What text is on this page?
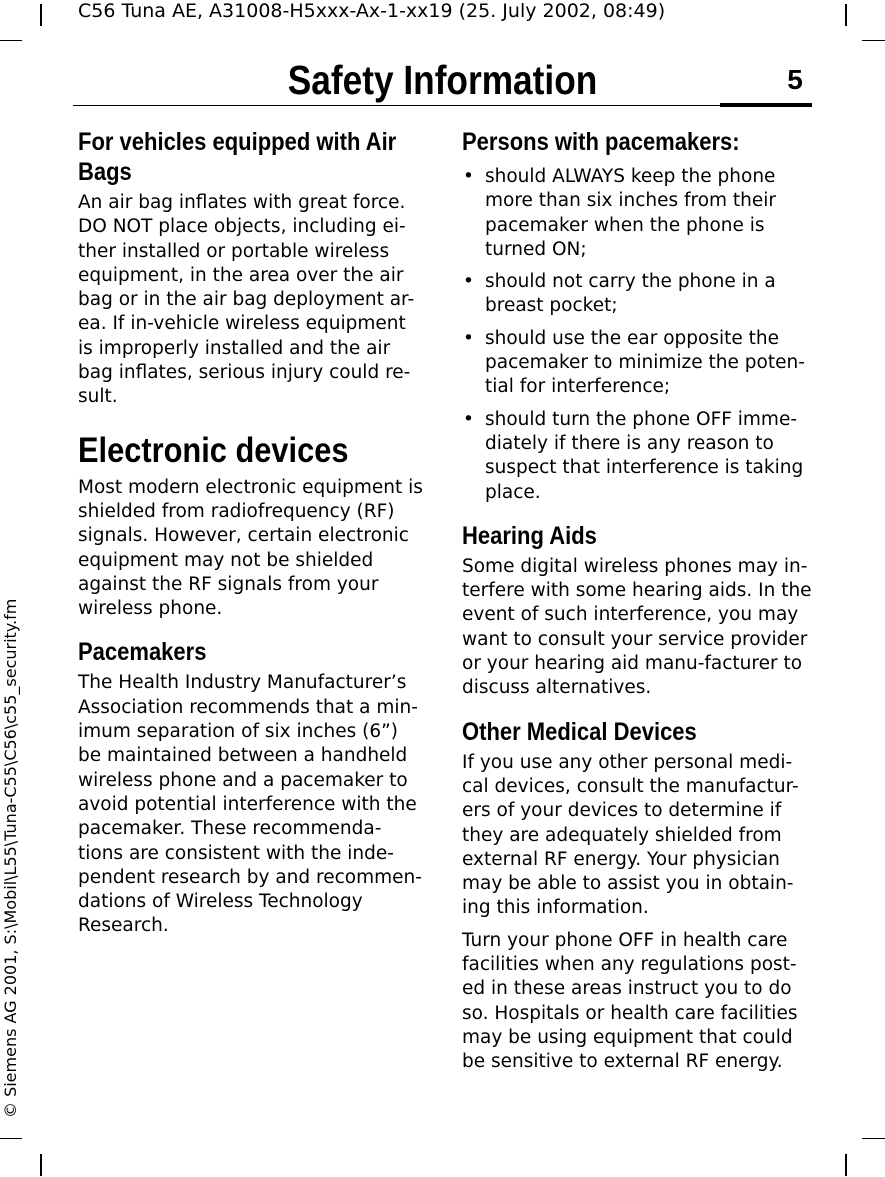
C56 Tuna AE, A31008-H5xxx-Ax-1-xx19 (25. July 2002, 08:49)
Safety Information	5
© Siemens AG 2001, S:\Mobil\L55\Tuna-C55\C56\c55_security.fm
For vehicles equipped with Air Bags

An air bag inflates with great force. DO NOT place objects, including ei-ther installed or portable wireless equipment, in the area over the air bag or in the air bag deployment ar-ea. If in-vehicle wireless equipment is improperly installed and the air bag inflates, serious injury could re-sult.

Electronic devices

Most modern electronic equipment is shielded from radiofrequency (RF) signals. However, certain electronic equipment may not be shielded against the RF signals from your wireless phone.

Pacemakers

The Health Industry Manufacturer’s Association recommends that a min-imum separation of six inches (6”) be maintained between a handheld wireless phone and a pacemaker to avoid potential interference with the pacemaker. These recommenda-tions are consistent with the inde-pendent research by and recommen-dations of Wireless Technology Research.

Persons with pacemakers:
• should ALWAYS keep the phone more than six inches from their pacemaker when the phone is turned ON;
• should not carry the phone in a breast pocket;
• should use the ear opposite the pacemaker to minimize the poten-tial for interference;
• should turn the phone OFF imme-diately if there is any reason to suspect that interference is taking place.
Hearing Aids

Some digital wireless phones may in-terfere with some hearing aids. In the event of such interference, you may want to consult your service provider or your hearing aid manu-facturer to discuss alternatives.

Other Medical Devices

If you use any other personal medi-cal devices, consult the manufactur-ers of your devices to determine if they are adequately shielded from external RF energy. Your physician may be able to assist you in obtain-ing this information.

Turn your phone OFF in health care facilities when any regulations post-ed in these areas instruct you to do so. Hospitals or health care facilities may be using equipment that could be sensitive to external RF energy.
